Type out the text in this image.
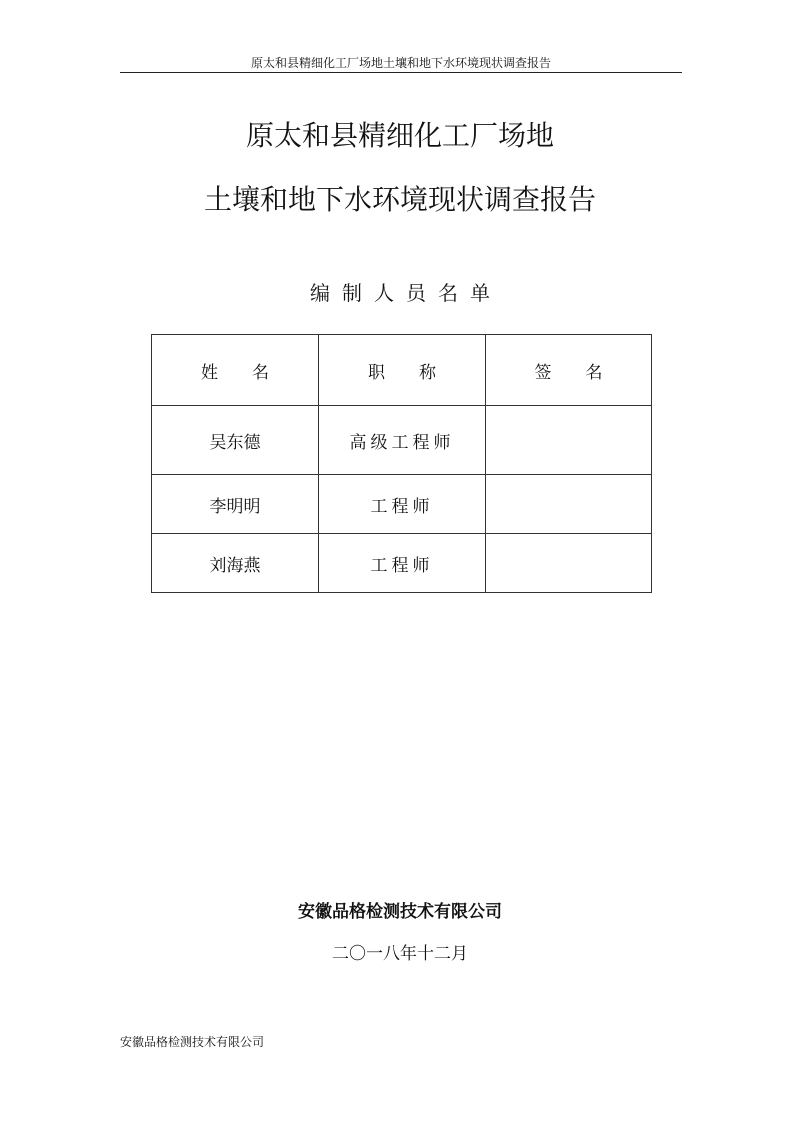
原太和县精细化工厂场地土壤和地下水环境现状调查报告
原太和县精细化工厂场地
土壤和地下水环境现状调查报告
编制人员名单
姓　　名	职　　称	签　　名
吴东德	高级工程师	
李明明	工程师	
刘海燕	工程师	
安徽品格检测技术有限公司
二〇一八年十二月
安徽品格检测技术有限公司
